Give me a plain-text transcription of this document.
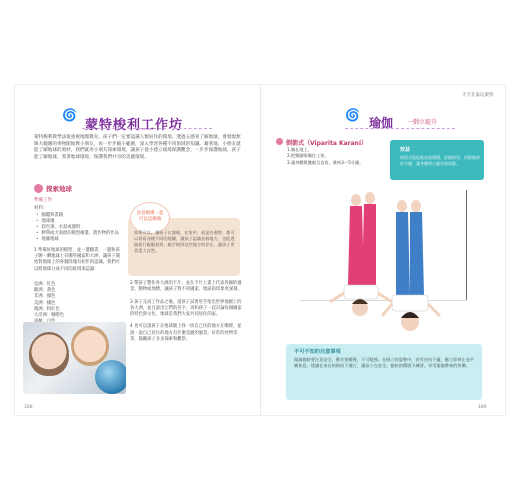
🌀
蒙特梭利工作坊
蒙特梭利教學法很重視地理教育，孩子們一定要認識人類居住的環境。透過五感來了解地球，會發現無限大範圍的事物開始教小朋友，再一步步縮小範圍，深入學習各種不同領域的知識。藉著地，小朋友就能了解地球的奧妙，我們就用小朋友探索環境，讓孩子從小建立環境保護觀念，一步步保護地球，孩子能了解地球，愛著地球環境，保護我們共享的美麗環境。
探索地球
準備工作
材料：
• 圖鑑與書籍
• 地球儀
• 彩色筆、水彩或顏料
• 膠帶或大張紙的模型繪畫，農作物的作品
• 地圖地球
1 準備好地球的模型，並一邊翻書，一邊和孩子聊一聊地球上有哪些國家和大洲，讓孩子開始對地球上的各個陸塊有初步的認識。我們可以將地球分成不同的區域來認識：
亞洲：紅色
歐洲：黃色
非洲：綠色
美洲：橘色
澳洲：粉紅色
大洋洲：咖啡色

爸爸媽媽一起
可以這麼做
如果可以，讓孩子在課後、在家中，或是出遊時，都可以看看各種不同的地圖，讓孩子認識各個地方，也能透過旅行親眼看到、親手摸到這些地方的存在，讓孩子更喜愛大自然。
2 帶孩子製作各大洲的卡片，並在卡片上畫上代表各國的風景、動物或地標，讓孩子對不同國家、地區的印象更深刻。

3 孩子完成了作品之後，請孩子試著用手指出世界地圖上的各大洲，並且說出它們的名字，再和孩子一起討論每個國家的特色與文化，地球是我們大家共同居住的家。

4 也可以請孩子在地球儀上找一找自己住的地方在哪裡，並說一說自己居住的地方有什麼美麗的風景，好吃的食物等等，鼓勵孩子多多探索和觀察。
188
天天在家玩蒙特
🌀
瑜伽 一倒立提升
倒箭式（Viparita Karani）
1.躺在地上，
2.把雙腳靠牆往上抬，
3.讓身體與雙腿呈直角，維持3～5分鐘。
效益
倒箭式能促進血液循環，舒緩疲勞，消除腿部的水腫，讓身體和心靈更加放鬆。
不可不知的注意事項
做瑜伽時要注意安全，動作要緩慢，不可勉強。在倒立的姿勢中，若有任何不適，應立即停止並平躺休息。建議在家長的陪同下進行，讓孩子在安全、愉快的環境下練習，享受瑜伽帶來的快樂。
189
